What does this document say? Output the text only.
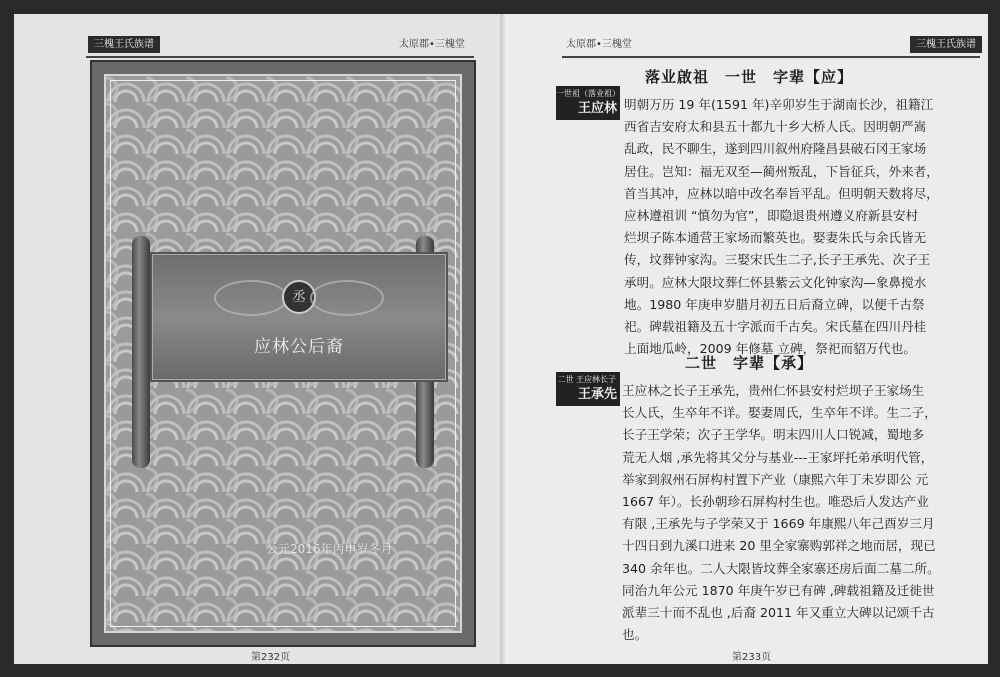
三槐王氏族谱	太原郡•三槐堂
丞
应林公后裔
公元2016年丙申岁冬月
第232页
太原郡•三槐堂	三槐王氏族谱
落业啟祖　一世　字辈【应】
一世祖（落业祖）
王应林 明朝万历 19 年(1591 年)辛卯岁生于湖南长沙，祖籍江
西省吉安府太和县五十都九十乡大桥人氏。因明朝严嵩
乱政，民不聊生，遂到四川叙州府隆昌县破石冈王家场
居住。岂知：福无双至—蔺州叛乱，下旨征兵，外来者，
首当其冲，应林以暗中改名奉旨平乱。但明朝天数将尽，
应林遵祖训 “慎勿为官”，即隐退贵州遵义府新县安村
烂坝子陈本通营王家场而繁英也。娶妻朱氏与余氏皆无
传，坟葬钟家沟。三娶宋氏生二子,长子王承先、次子王
承明。应林大限坟葬仁怀县紫云文化钟家沟—象鼻搅水
地。1980 年庚申岁腊月初五日后裔立碑，以便千古祭
祀。碑载祖籍及五十字派而千古矣。宋氏墓在四川丹桂
上面地瓜岭，2009 年修墓 立碑，祭祀而貂万代也。

二世　字辈【承】
二世 王应林长子
王承先 王应林之长子王承先，贵州仁怀县安村烂坝子王家场生
长人氏，生卒年不详。娶妻周氏，生卒年不详。生二子，
长子王学荣；次子王学华。明末四川人口锐减，蜀地多
荒无人烟 ,承先将其父分与基业---王家坪托弟承明代管，
举家到叙州石屏构村置下产业（康熙六年丁未岁即公 元
1667 年）。长孙朝珍石屏构村生也。唯恐后人发达产业
有限 ,王承先与子学荣又于 1669 年康熙八年己酉岁三月
十四日到九溪口进来 20 里全家寨购郭祥之地而居，现已
340 余年也。二人大限皆坟葬全家寨还房后面二墓二所。
同治九年公元 1870 年庚午岁已有碑 ,碑载祖籍及迁徙世
派辈三十而不乱也 ,后裔 2011 年又重立大碑以记颂千古
也。

第233页
